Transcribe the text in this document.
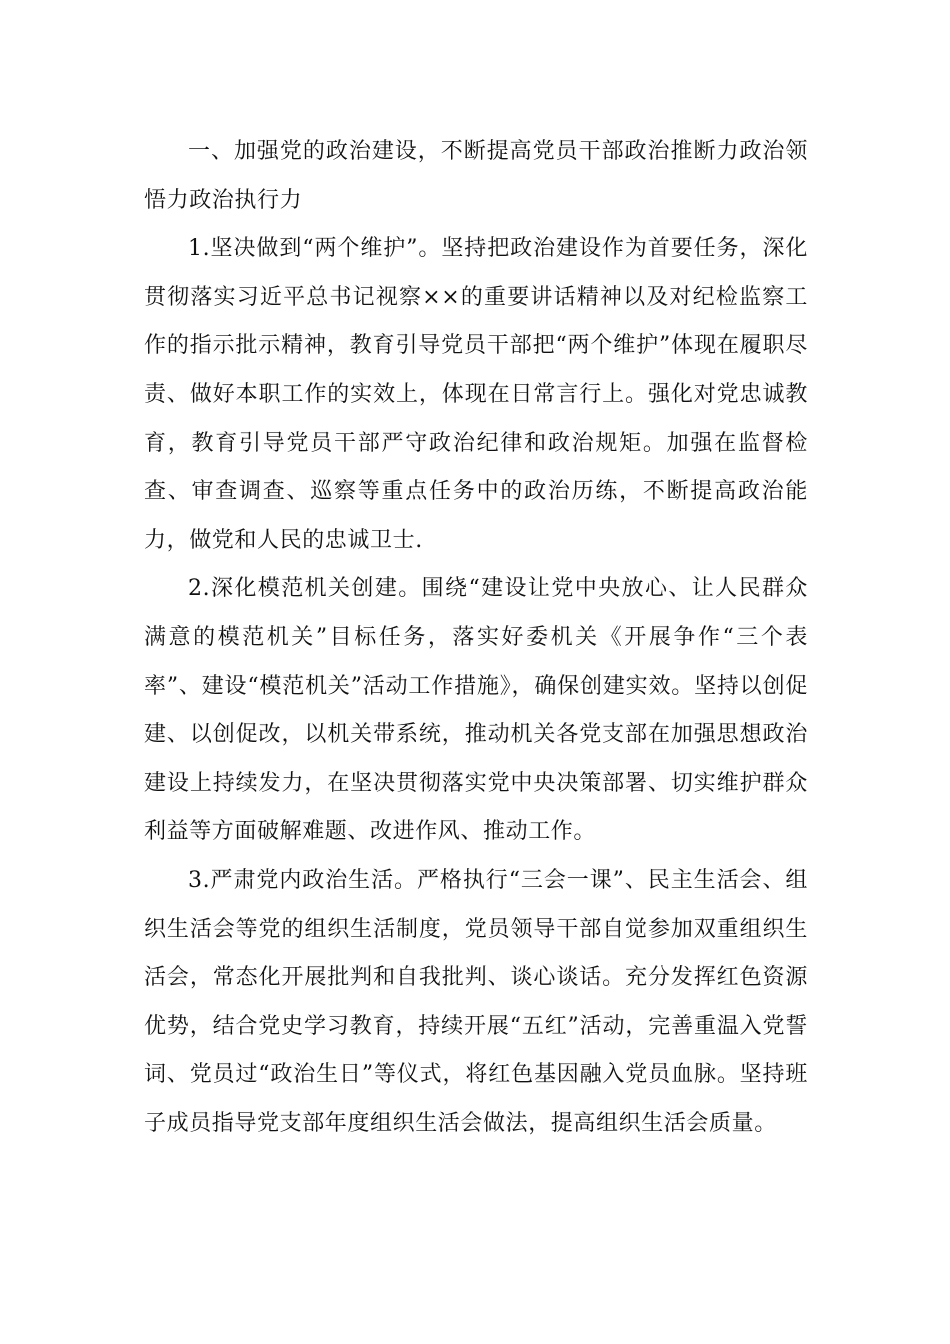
一、加强党的政治建设，不断提高党员干部政治推断力政治领悟力政治执行力

1.坚决做到“两个维护”。坚持把政治建设作为首要任务，深化贯彻落实习近平总书记视察××的重要讲话精神以及对纪检监察工作的指示批示精神，教育引导党员干部把“两个维护”体现在履职尽责、做好本职工作的实效上，体现在日常言行上。强化对党忠诚教育，教育引导党员干部严守政治纪律和政治规矩。加强在监督检查、审查调查、巡察等重点任务中的政治历练，不断提高政治能力，做党和人民的忠诚卫士.

2.深化模范机关创建。围绕“建设让党中央放心、让人民群众满意的模范机关”目标任务，落实好委机关《开展争作“三个表率”、建设“模范机关”活动工作措施》，确保创建实效。坚持以创促建、以创促改，以机关带系统，推动机关各党支部在加强思想政治建设上持续发力，在坚决贯彻落实党中央决策部署、切实维护群众利益等方面破解难题、改进作风、推动工作。

3.严肃党内政治生活。严格执行“三会一课”、民主生活会、组织生活会等党的组织生活制度，党员领导干部自觉参加双重组织生活会，常态化开展批判和自我批判、谈心谈话。充分发挥红色资源优势，结合党史学习教育，持续开展“五红”活动，完善重温入党誓词、党员过“政治生日”等仪式，将红色基因融入党员血脉。坚持班子成员指导党支部年度组织生活会做法，提高组织生活会质量。
